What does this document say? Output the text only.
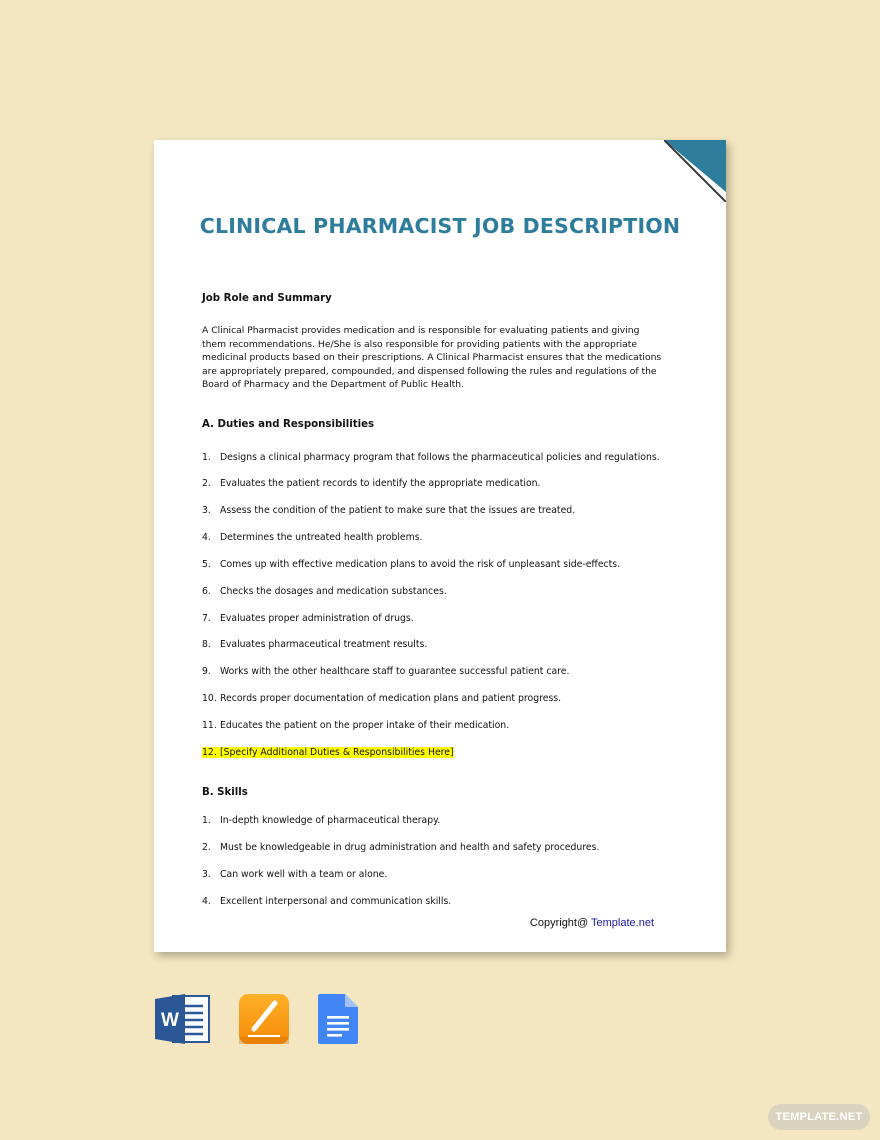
CLINICAL PHARMACIST JOB DESCRIPTION
Job Role and Summary
A Clinical Pharmacist provides medication and is responsible for evaluating patients and giving them recommendations. He/She is also responsible for providing patients with the appropriate medicinal products based on their prescriptions. A Clinical Pharmacist ensures that the medications are appropriately prepared, compounded, and dispensed following the rules and regulations of the Board of Pharmacy and the Department of Public Health.
A. Duties and Responsibilities
1. Designs a clinical pharmacy program that follows the pharmaceutical policies and regulations.
2. Evaluates the patient records to identify the appropriate medication.
3. Assess the condition of the patient to make sure that the issues are treated.
4. Determines the untreated health problems.
5. Comes up with effective medication plans to avoid the risk of unpleasant side-effects.
6. Checks the dosages and medication substances.
7. Evaluates proper administration of drugs.
8. Evaluates pharmaceutical treatment results.
9. Works with the other healthcare staff to guarantee successful patient care.
10. Records proper documentation of medication plans and patient progress.
11. Educates the patient on the proper intake of their medication.
12. [Specify Additional Duties & Responsibilities Here]
B. Skills
1. In-depth knowledge of pharmaceutical therapy.
2. Must be knowledgeable in drug administration and health and safety procedures.
3. Can work well with a team or alone.
4. Excellent interpersonal and communication skills.
Copyright@ Template.net
W
TEMPLATE.NET
